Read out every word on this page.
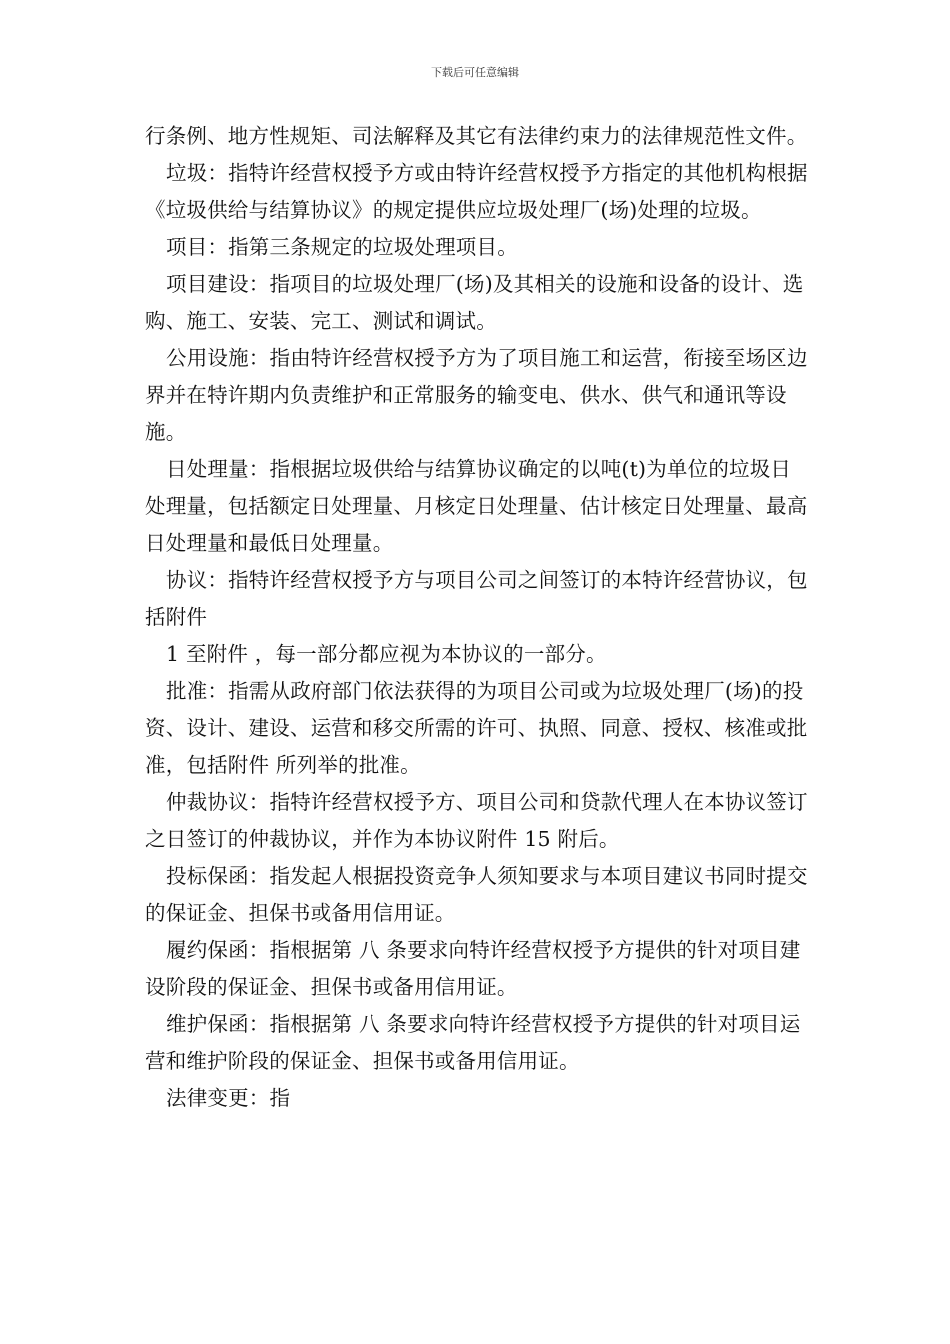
下载后可任意编辑

行条例、地方性规矩、司法解释及其它有法律约束力的法律规范性文件。

垃圾：指特许经营权授予方或由特许经营权授予方指定的其他机构根据《垃圾供给与结算协议》的规定提供应垃圾处理厂(场)处理的垃圾。

项目：指第三条规定的垃圾处理项目。

项目建设：指项目的垃圾处理厂(场)及其相关的设施和设备的设计、选购、施工、安装、完工、测试和调试。

公用设施：指由特许经营权授予方为了项目施工和运营，衔接至场区边界并在特许期内负责维护和正常服务的输变电、供水、供气和通讯等设施。

日处理量：指根据垃圾供给与结算协议确定的以吨(t)为单位的垃圾日处理量，包括额定日处理量、月核定日处理量、估计核定日处理量、最高日处理量和最低日处理量。

协议：指特许经营权授予方与项目公司之间签订的本特许经营协议，包括附件

1 至附件 ，每一部分都应视为本协议的一部分。

批准：指需从政府部门依法获得的为项目公司或为垃圾处理厂(场)的投资、设计、建设、运营和移交所需的许可、执照、同意、授权、核准或批准，包括附件 所列举的批准。

仲裁协议：指特许经营权授予方、项目公司和贷款代理人在本协议签订之日签订的仲裁协议，并作为本协议附件 15 附后。

投标保函：指发起人根据投资竞争人须知要求与本项目建议书同时提交的保证金、担保书或备用信用证。

履约保函：指根据第 八 条要求向特许经营权授予方提供的针对项目建设阶段的保证金、担保书或备用信用证。

维护保函：指根据第 八 条要求向特许经营权授予方提供的针对项目运营和维护阶段的保证金、担保书或备用信用证。

法律变更：指
